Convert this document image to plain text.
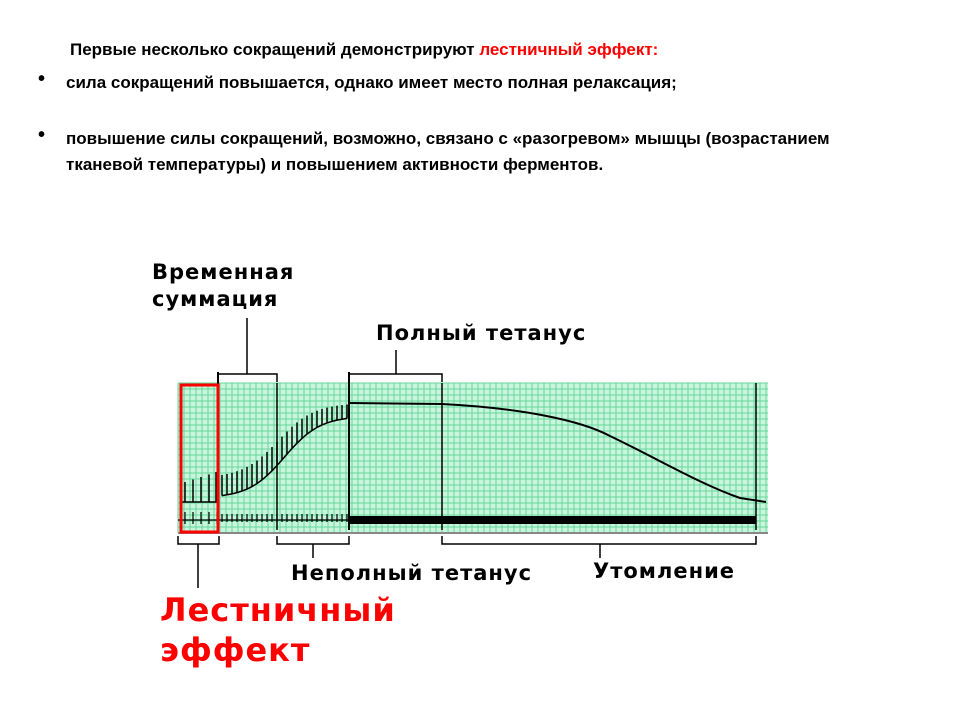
Первые несколько сокращений демонстрируют лестничный эффект:
• сила сокращений повышается, однако имеет место полная релаксация;
• повышение силы сокращений, возможно, связано с «разогревом» мышцы (возрастанием тканевой температуры) и повышением активности ферментов.
Временная
суммация
Полный тетанус
Неполный тетанус	Утомление
Лестничный
эффект
